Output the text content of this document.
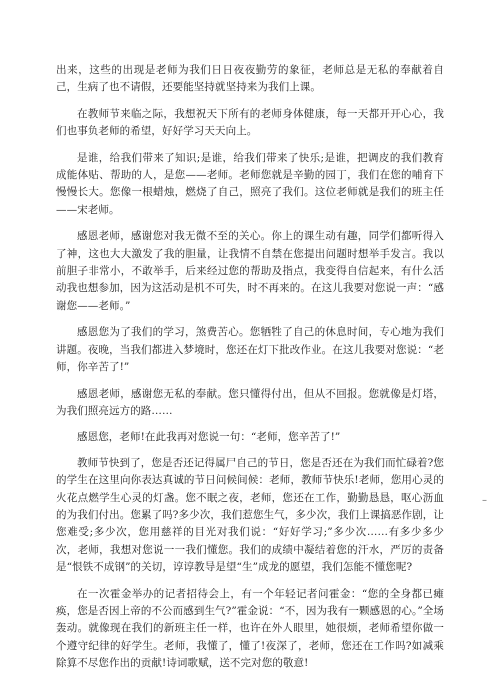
出来，这些的出现是老师为我们日日夜夜勤劳的象征，老师总是无私的奉献着自己，生病了也不请假，还要能坚持就坚持来为我们上课。

在教师节来临之际，我想祝天下所有的老师身体健康，每一天都开开心心，我们也事负老师的希望，好好学习天天向上。

是谁，给我们带来了知识;是谁，给我们带来了快乐;是谁，把调皮的我们教育成能体贴、帮助的人，是您——老师。老师您就是辛勤的园丁，我们在您的哺育下慢慢长大。您像一根蜡烛，燃烧了自己，照亮了我们。这位老师就是我们的班主任——宋老师。

感恩老师，感谢您对我无微不至的关心。你上的课生动有趣，同学们都听得入了神，这也大大激发了我的胆量，让我情不自禁在您提出问题时想举手发言。我以前胆子非常小，不敢举手，后来经过您的帮助及指点，我变得自信起来，有什么活动我也想参加，因为这活动是机不可失，时不再来的。在这儿我要对您说一声：“感谢您——老师。”

感恩您为了我们的学习，煞费苦心。您牺牲了自己的休息时间，专心地为我们讲题。夜晚，当我们都进入梦境时，您还在灯下批改作业。在这儿我要对您说：“老师，你辛苦了!”

感恩老师，感谢您无私的奉献。您只懂得付出，但从不回报。您就像是灯塔，为我们照亮远方的路……

感恩您，老师!在此我再对您说一句：“老师，您辛苦了!”

教师节快到了，您是否还记得属尸自己的节日，您是否还在为我们而忙碌着?您的学生在这里向你表达真诚的节日问候间候：老师，教师节快乐!老师，您用心灵的火花点燃学生心灵的灯盏。您不眠之夜，老师，您还在工作，勤勤恳恳，呕心沥血的为我们付出。您累了吗?多少次，我们惹您生气，多少次，我们上课搞恶作剧，让您难受;多少次，您用慈祥的目光对我们说：“好好学习;”多少次……有多少多少次，老师，我想对您说一一我们懂您。我们的成绩中凝结着您的汗水，严厉的责备是“恨铁不成钢”的关切，谆谆教导是望“生”成龙的愿望，我们怎能不懂您呢?

在一次霍金举办的记者招待会上，有一个年轻记者问霍金：“您的全身都已瘫痪，您是否因上帝的不公而感到生气?”霍金说：“不，因为我有一颗感恩的心。”全场轰动。就像现在我们的新班主任一样，也许在外人眼里，她很烦，老师希望你做一个遵守纪律的好学生。老师，我懂了，懂了!夜深了，老师，您还在工作吗?如减乘除算不尽您作出的贡献!诗词歌赋，送不完对您的敬意!

–
